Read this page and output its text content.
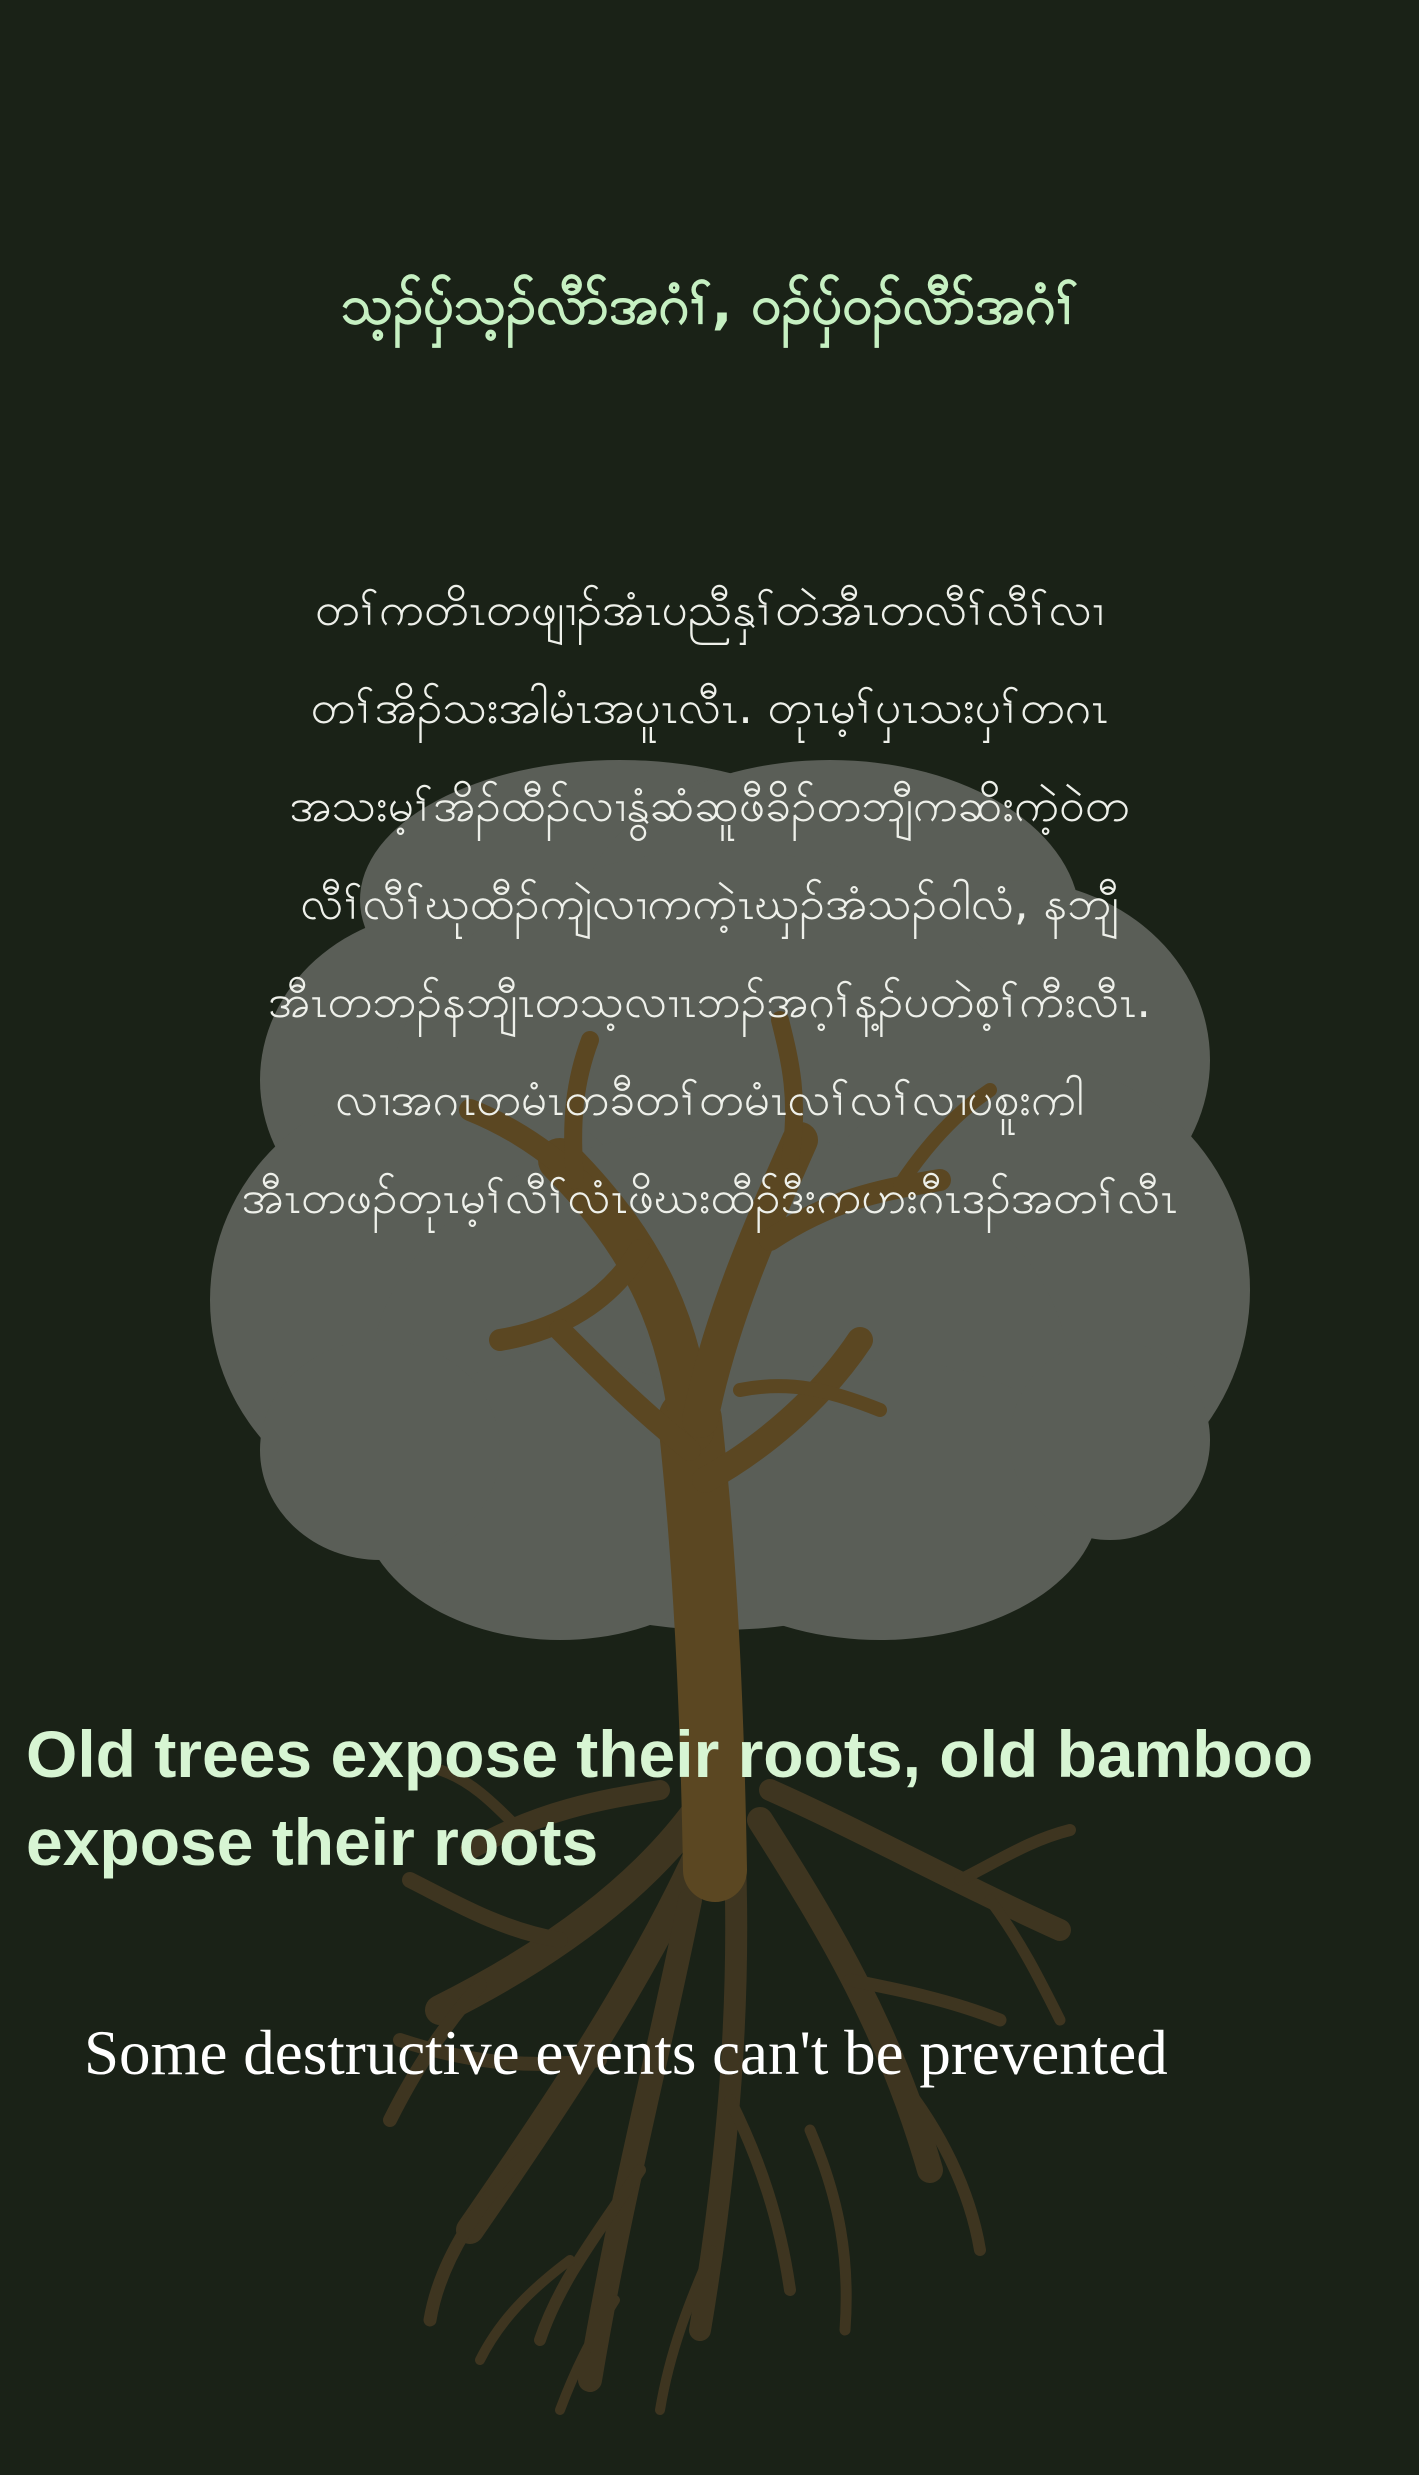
သ့ၣ်ပှ်သ့ၣ်လီာ်အဂံၢ်, ဝၣ်ပှ်ဝၣ်လီာ်အဂံၢ်
တၢ်ကတိၤတဖျၢၣ်အံၤပညီနှၢ်တဲအီၤတလီၢ်လီၢ်လၢ
တၢ်အိၣ်သးအါမံၤအပူၤလီၤ. တုၤမ့ၢ်ပှၤသးပှၢ်တဂၤ
အသးမ့ၢ်အိၣ်ထီၣ်လၢနွံဆံဆူဖီခိၣ်တဘျီကဆိးကဲ့ဝဲတ
လီၢ်လီၢ်ဃုထီၣ်ကျဲလၢကကဲ့ၤဃှၣ်အံသၣ်ဝါလံ, နဘျီ
အီၤတဘၣ်နဘျီၤတသ့လၢၤဘၣ်အဂ့ၢ်န့ၣ်ပတဲစ့ၢ်ကီးလီၤ.
လၢအဂၤတမံၤတခီတၢ်တမံၤလၢ်လၢ်လၢပစူးကါ
အီၤတဖၣ်တုၤမ့ၢ်လီၢ်လံၤဖိဃးထီၣ်ဒီးကဟးဂီၤဒၣ်အတၢ်လီၤ
Old trees expose their roots, old bamboo expose their roots

Some destructive events can't be prevented
